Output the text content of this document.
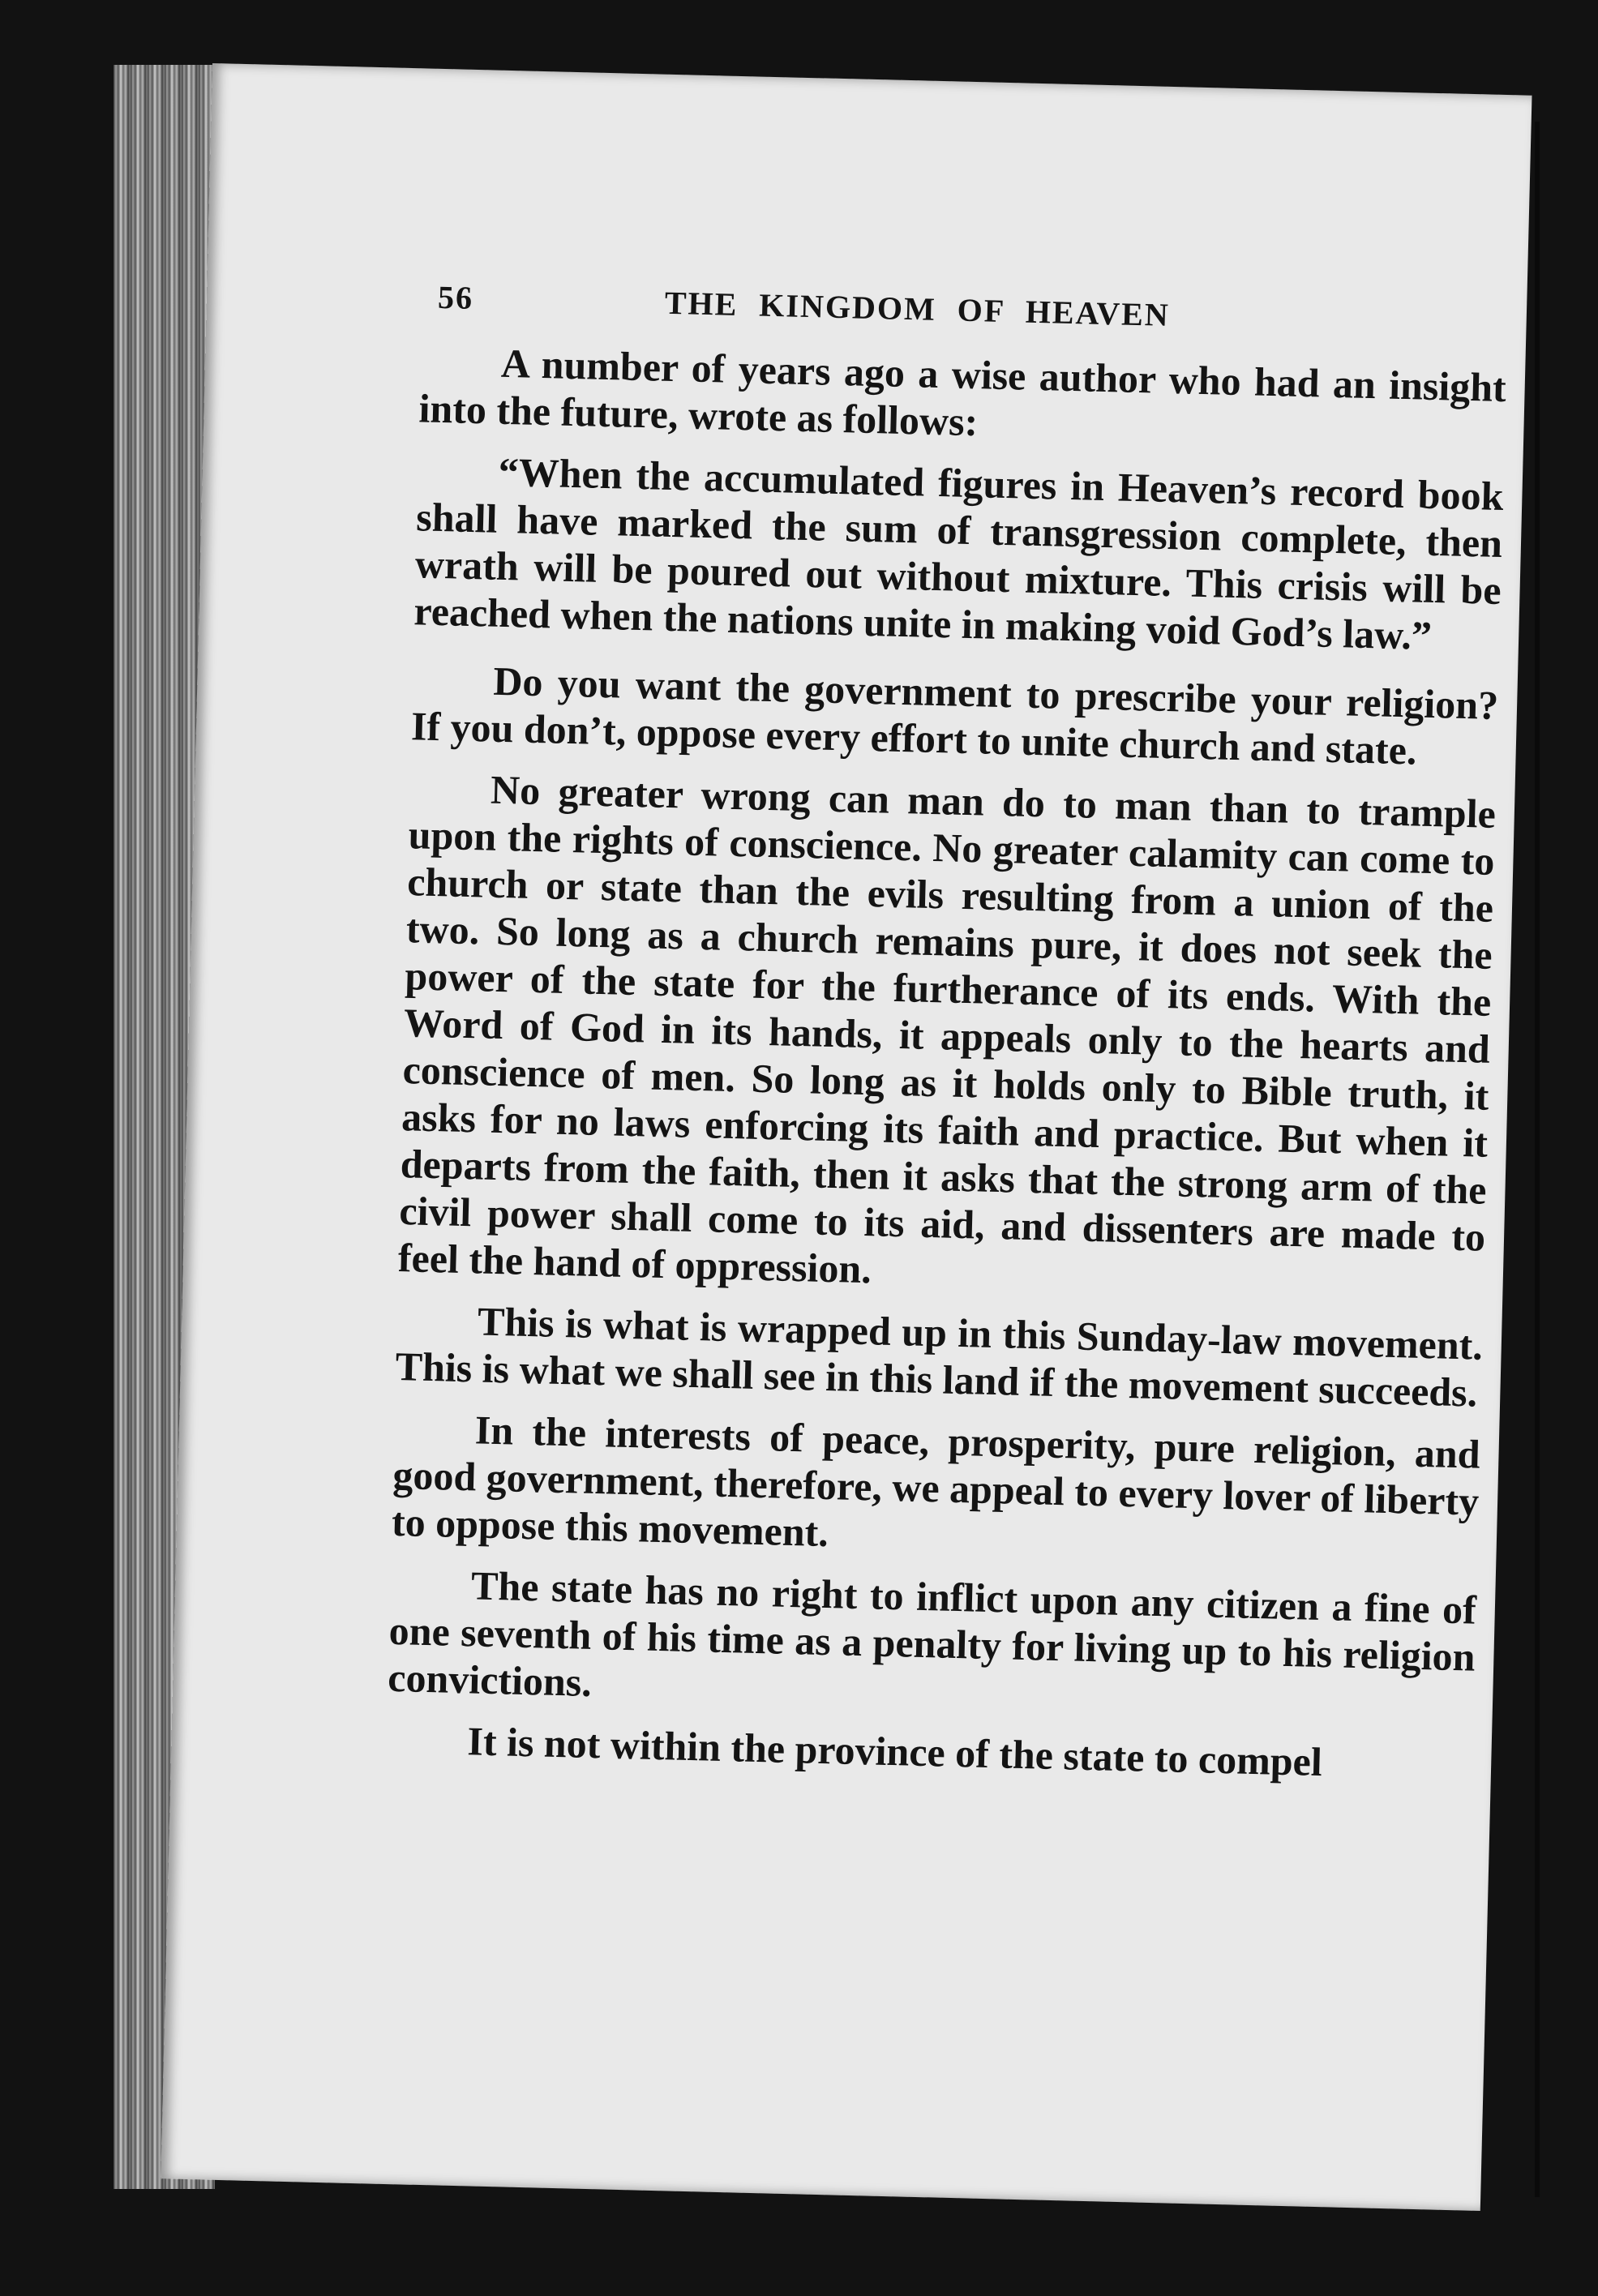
56	THE KINGDOM OF HEAVEN

A number of years ago a wise author who had an insight into the future, wrote as follows:

“When the accumulated figures in Heaven’s record book shall have marked the sum of transgression complete, then wrath will be poured out without mixture. This crisis will be reached when the nations unite in making void God’s law.”

Do you want the government to prescribe your religion? If you don’t, oppose every effort to unite church and state.

No greater wrong can man do to man than to trample upon the rights of conscience. No greater calamity can come to church or state than the evils resulting from a union of the two. So long as a church remains pure, it does not seek the power of the state for the furtherance of its ends. With the Word of God in its hands, it appeals only to the hearts and conscience of men. So long as it holds only to Bible truth, it asks for no laws enforcing its faith and practice. But when it departs from the faith, then it asks that the strong arm of the civil power shall come to its aid, and dissenters are made to feel the hand of oppression.

This is what is wrapped up in this Sunday-law movement. This is what we shall see in this land if the movement succeeds.

In the interests of peace, prosperity, pure religion, and good government, therefore, we appeal to every lover of liberty to oppose this movement.

The state has no right to inflict upon any citizen a fine of one seventh of his time as a penalty for living up to his religion convictions.

It is not within the province of the state to compel
